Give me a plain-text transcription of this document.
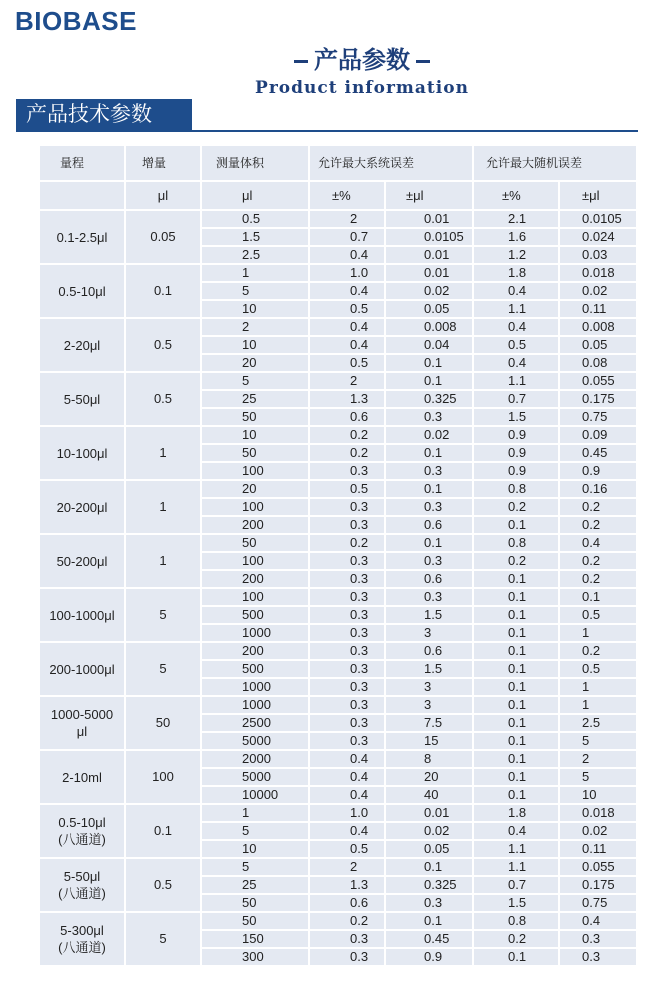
BIOBASE
产品参数
Product information
产品技术参数
量程	增量	测量体积	允许最大系统误差		允许最大随机误差	
	μl	μl	±%	±μl	±%	±μl

0.1-2.5μl	0.05	0.5	2	0.01	2.1	0.0105
		1.5	0.7	0.0105	1.6	0.024
		2.5	0.4	0.01	1.2	0.03

0.5-10μl	0.1	1	1.0	0.01	1.8	0.018
		5	0.4	0.02	0.4	0.02
		10	0.5	0.05	1.1	0.11

2-20μl	0.5	2	0.4	0.008	0.4	0.008
		10	0.4	0.04	0.5	0.05
		20	0.5	0.1	0.4	0.08

5-50μl	0.5	5	2	0.1	1.1	0.055
		25	1.3	0.325	0.7	0.175
		50	0.6	0.3	1.5	0.75

10-100μl	1	10	0.2	0.02	0.9	0.09
		50	0.2	0.1	0.9	0.45
		100	0.3	0.3	0.9	0.9

20-200μl	1	20	0.5	0.1	0.8	0.16
		100	0.3	0.3	0.2	0.2
		200	0.3	0.6	0.1	0.2

50-200μl	1	50	0.2	0.1	0.8	0.4
		100	0.3	0.3	0.2	0.2
		200	0.3	0.6	0.1	0.2

100-1000μl	5	100	0.3	0.3	0.1	0.1
		500	0.3	1.5	0.1	0.5
		1000	0.3	3	0.1	1

200-1000μl	5	200	0.3	0.6	0.1	0.2
		500	0.3	1.5	0.1	0.5
		1000	0.3	3	0.1	1

1000-5000
μl	50	1000	0.3	3	0.1	1
		2500	0.3	7.5	0.1	2.5
		5000	0.3	15	0.1	5

2-10ml	100	2000	0.4	8	0.1	2
		5000	0.4	20	0.1	5
		10000	0.4	40	0.1	10

0.5-10μl
(八通道)	0.1	1	1.0	0.01	1.8	0.018
		5	0.4	0.02	0.4	0.02
		10	0.5	0.05	1.1	0.11

5-50μl
(八通道)	0.5	5	2	0.1	1.1	0.055
		25	1.3	0.325	0.7	0.175
		50	0.6	0.3	1.5	0.75

5-300μl
(八通道)	5	50	0.2	0.1	0.8	0.4
		150	0.3	0.45	0.2	0.3
		300	0.3	0.9	0.1	0.3
